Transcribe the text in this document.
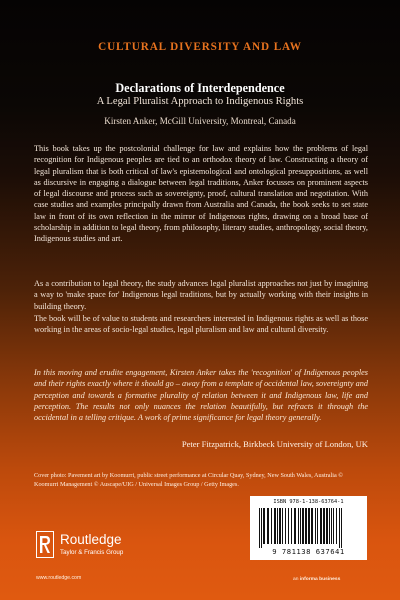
CULTURAL DIVERSITY AND LAW
Declarations of Interdependence
A Legal Pluralist Approach to Indigenous Rights
Kirsten Anker, McGill University, Montreal, Canada

This book takes up the postcolonial challenge for law and explains how the problems of legal recognition for Indigenous peoples are tied to an orthodox theory of law. Constructing a theory of legal pluralism that is both critical of law's epistemological and ontological presuppositions, as well as discursive in engaging a dialogue between legal traditions, Anker focusses on prominent aspects of legal discourse and process such as sovereignty, proof, cultural translation and negotiation. With case studies and examples principally drawn from Australia and Canada, the book seeks to set state law in front of its own reflection in the mirror of Indigenous rights, drawing on a broad base of scholarship in addition to legal theory, from philosophy, literary studies, anthropology, social theory, Indigenous studies and art.

As a contribution to legal theory, the study advances legal pluralist approaches not just by imagining a way to 'make space for' Indigenous legal traditions, but by actually working with their insights in building theory.

The book will be of value to students and researchers interested in Indigenous rights as well as those working in the areas of socio-legal studies, legal pluralism and law and cultural diversity.

In this moving and erudite engagement, Kirsten Anker takes the 'recognition' of Indigenous peoples and their rights exactly where it should go – away from a template of occidental law, sovereignty and perception and towards a formative plurality of relation between it and Indigenous law, life and perception. The results not only nuances the relation beautifully, but refracts it through the occidental in a telling critique. A work of prime significance for legal theory generally.

Peter Fitzpatrick, Birkbeck University of London, UK

Cover photo: Pavement art by Koomurri, public street performance at Circular Quay, Sydney, New South Wales, Australia © Koomurri Management © Auscape/UIG / Universal Images Group / Getty Images.

ISBN 978-1-138-63764-1
9 781138 637641
Routledge
Taylor & Francis Group
www.routledge.com	an informa business
